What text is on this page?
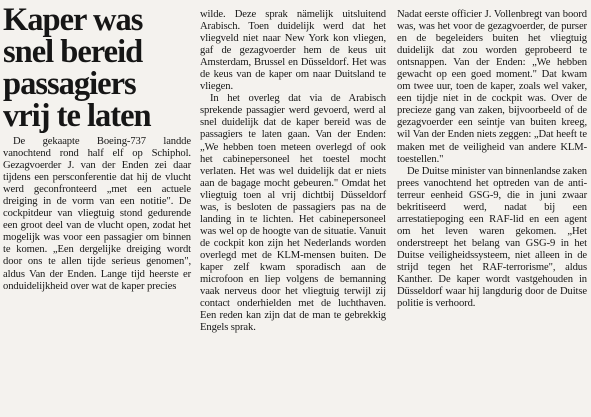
Kaper was
snel bereid
passagiers
vrij te laten

De gekaapte Boeing-737 landde vanochtend rond half elf op Schiphol. Gezagvoerder J. van der Enden zei daar tijdens een persconferentie dat hij de vlucht werd geconfronteerd „met een actuele dreiging in de vorm van een notitie". De cockpitdeur van vliegtuig stond gedurende een groot deel van de vlucht open, zodat het mogelijk was voor een passagier om binnen te komen. „Een dergelijke dreiging wordt door ons te allen tijde serieus genomen", aldus Van der Enden. Lange tijd heerste er onduidelijkheid over wat de kaper precies

wilde. Deze sprak nämelijk uitsluitend Arabisch. Toen duidelijk werd dat het vliegveld niet naar New York kon vliegen, gaf de gezagvoerder hem de keus uit Amsterdam, Brussel en Düsseldorf. Het was de keus van de kaper om naar Duitsland te vliegen.

In het overleg dat via de Arabisch sprekende passagier werd gevoerd, werd al snel duidelijk dat de kaper bereid was de passagiers te laten gaan. Van der Enden: „We hebben toen meteen overlegd of ook het cabinepersoneel het toestel mocht verlaten. Het was wel duidelijk dat er niets aan de bagage mocht gebeuren." Omdat het vliegtuig toen al vrij dichtbij Düsseldorf was, is besloten de passagiers pas na de landing in te lichten. Het cabinepersoneel was wel op de hoogte van de situatie. Vanuit de cockpit kon zijn het Nederlands worden overlegd met de KLM-mensen buiten. De kaper zelf kwam sporadisch aan de microfoon en liep volgens de bemanning vaak nerveus door het vliegtuig terwijl zij contact onderhielden met de luchthaven. Een reden kan zijn dat de man te gebrekkig Engels sprak.

Nadat eerste officier J. Vollenbregt van boord was, was het voor de gezagvoerder, de purser en de begeleiders buiten het vliegtuig duidelijk dat zou worden geprobeerd te ontsnappen. Van der Enden: „We hebben gewacht op een goed moment." Dat kwam om twee uur, toen de kaper, zoals wel vaker, een tijdje niet in de cockpit was. Over de precieze gang van zaken, bijvoorbeeld of de gezagvoerder een seintje van buiten kreeg, wil Van der Enden niets zeggen: „Dat heeft te maken met de veiligheid van andere KLM-toestellen."

De Duitse minister van binnenlandse zaken prees vanochtend het optreden van de anti-terreur eenheid GSG-9, die in juni zwaar bekritiseerd werd, nadat bij een arrestatiepoging een RAF-lid en een agent om het leven waren gekomen. „Het onderstreept het belang van GSG-9 in het Duitse veiligheidssysteem, niet alleen in de strijd tegen het RAF-terrorisme", aldus Kanther. De kaper wordt vastgehouden in Düsseldorf waar hij langdurig door de Duitse politie is verhoord.
